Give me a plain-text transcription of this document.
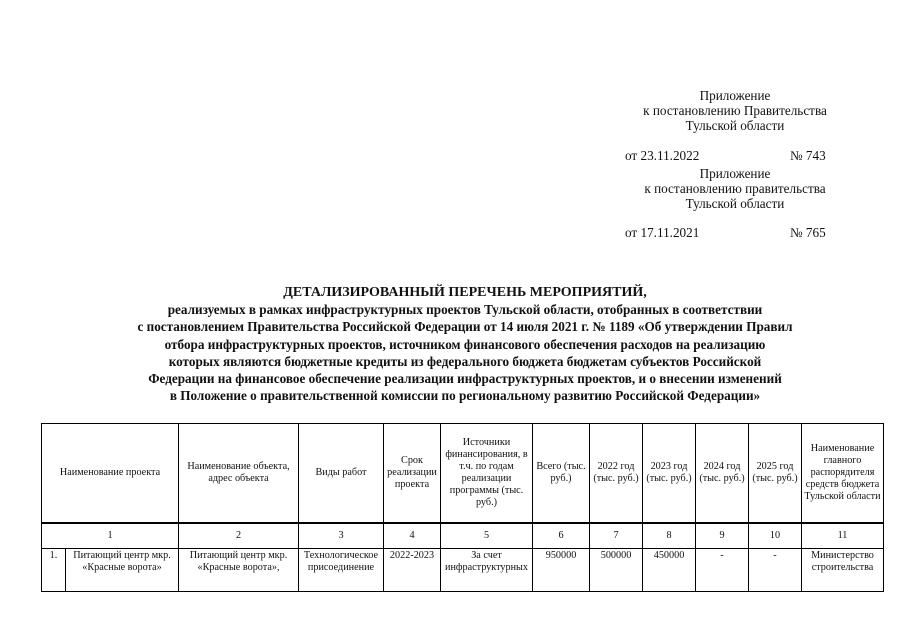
Приложение
к постановлению Правительства
Тульской области
от 23.11.2022	№ 743
Приложение
к постановлению правительства
Тульской области
от 17.11.2021	№ 765
ДЕТАЛИЗИРОВАННЫЙ ПЕРЕЧЕНЬ МЕРОПРИЯТИЙ,
реализуемых в рамках инфраструктурных проектов Тульской области, отобранных в соответствии
с постановлением Правительства Российской Федерации от 14 июля 2021 г. № 1189 «Об утверждении Правил
отбора инфраструктурных проектов, источником финансового обеспечения расходов на реализацию
которых являются бюджетные кредиты из федерального бюджета бюджетам субъектов Российской
Федерации на финансовое обеспечение реализации инфраструктурных проектов, и о внесении изменений
в Положение о правительственной комиссии по региональному развитию Российской Федерации»
Наименование проекта		Наименование объекта, адрес объекта	Виды работ	Срок реализации проекта	Источники финансирования, в т.ч. по годам реализации программы (тыс. руб.)	Всего (тыс. руб.)	2022 год (тыс. руб.)	2023 год (тыс. руб.)	2024 год (тыс. руб.)	2025 год (тыс. руб.)	Наименование главного распорядителя средств бюджета Тульской области
1		2	3	4	5	6	7	8	9	10	11
1.	Питающий центр мкр. «Красные ворота»	Питающий центр мкр. «Красные ворота»,	Технологическое присоединение	2022-2023	За счет инфраструктурных	950000	500000	450000	-	-	Министерство строительства
